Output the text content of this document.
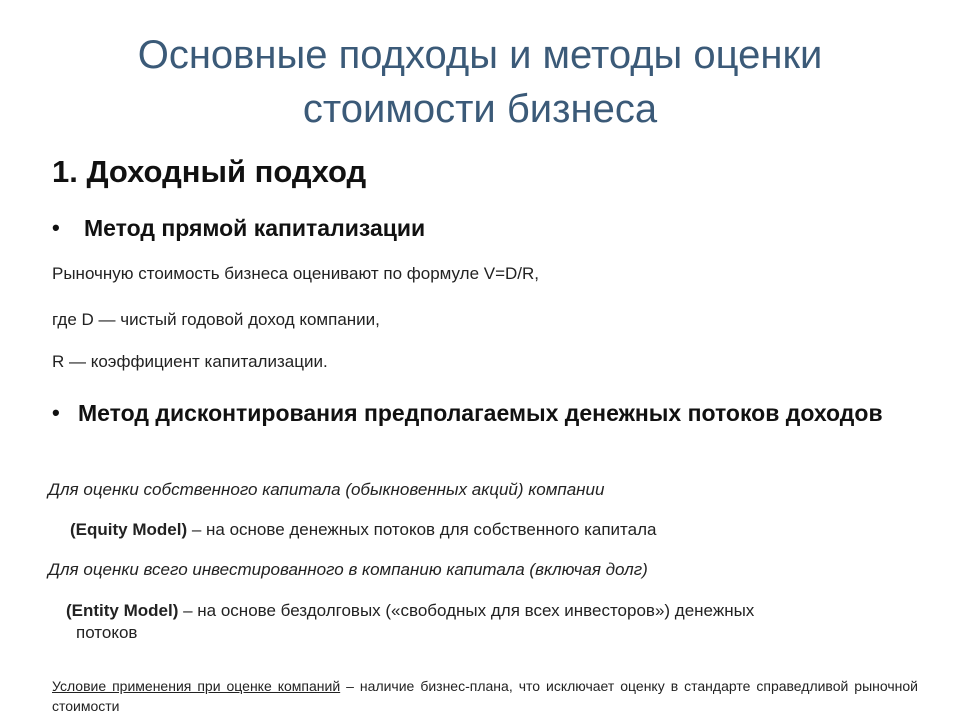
Основные подходы и методы оценки
стоимости бизнеса
1. Доходный подход
• Метод прямой капитализации
Рыночную стоимость бизнеса оценивают по формуле V=D/R,
где D — чистый годовой доход компании,
R — коэффициент капитализации.
• Метод дисконтирования предполагаемых денежных потоков доходов
Для оценки собственного капитала (обыкновенных акций) компании
(Equity Model) – на основе денежных потоков для собственного капитала
Для оценки всего инвестированного в компанию капитала (включая долг)
(Entity Model) – на основе бездолговых («свободных для всех инвесторов») денежных
потоков
Условие применения при оценке компаний – наличие бизнес-плана, что исключает оценку в стандарте справедливой рыночной стоимости
